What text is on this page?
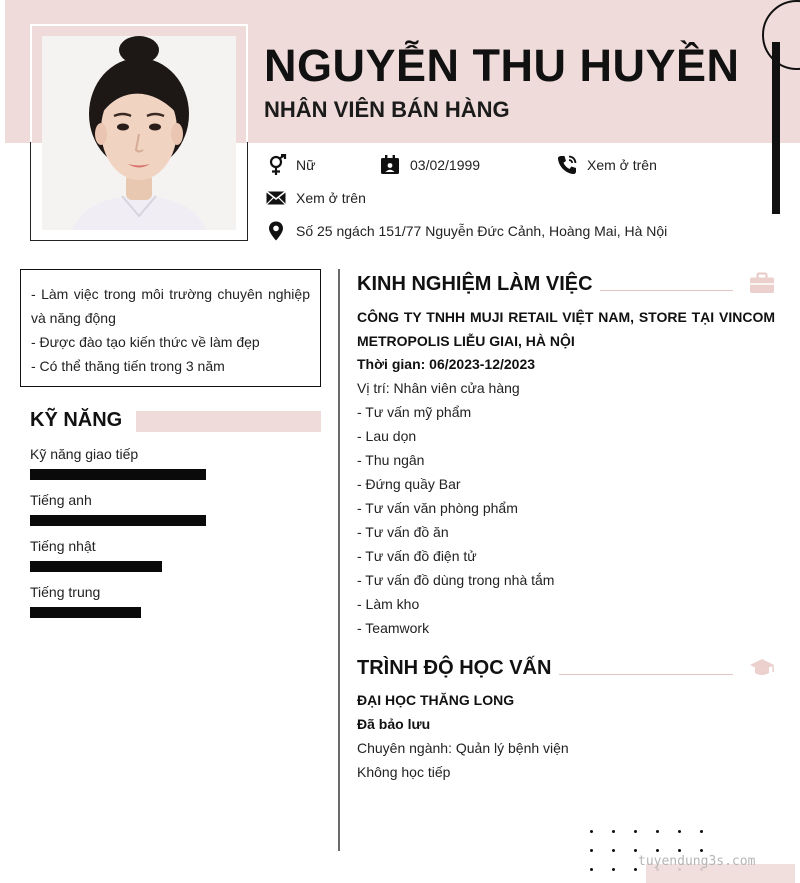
NGUYỄN THU HUYỀN
NHÂN VIÊN BÁN HÀNG
Nữ	03/02/1999	Xem ở trên
Xem ở trên
Số 25 ngách 151/77 Nguyễn Đức Cảnh, Hoàng Mai, Hà Nội
- Làm việc trong môi trường chuyên nghiệp và năng động
- Được đào tạo kiến thức về làm đẹp
- Có thể thăng tiến trong 3 năm
KỸ NĂNG
Kỹ năng giao tiếp
Tiếng anh
Tiếng nhật
Tiếng trung
KINH NGHIỆM LÀM VIỆC
CÔNG TY TNHH MUJI RETAIL VIỆT NAM, STORE TẠI VINCOM METROPOLIS LIỄU GIAI, HÀ NỘI
Thời gian: 06/2023-12/2023
Vị trí: Nhân viên cửa hàng
- Tư vấn mỹ phẩm
- Lau dọn
- Thu ngân
- Đứng quầy Bar
- Tư vấn văn phòng phẩm
- Tư vấn đồ ăn
- Tư vấn đồ điện tử
- Tư vấn đồ dùng trong nhà tắm
- Làm kho
- Teamwork
TRÌNH ĐỘ HỌC VẤN
ĐẠI HỌC THĂNG LONG
Đã bảo lưu
Chuyên ngành: Quản lý bệnh viện
Không học tiếp
tuyendung3s.com
